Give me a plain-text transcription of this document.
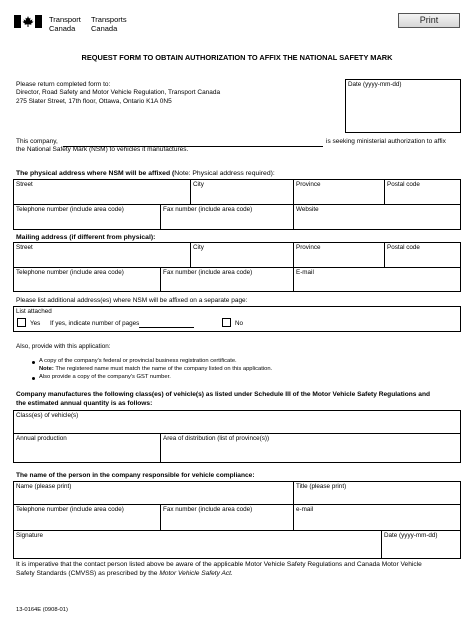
Transport
Canada
Transports
Canada
Print
REQUEST FORM TO OBTAIN AUTHORIZATION TO AFFIX THE NATIONAL SAFETY MARK
Please return completed form to:
Director, Road Safety and Motor Vehicle Regulation, Transport Canada
275 Slater Street, 17th floor, Ottawa, Ontario K1A 0N5
Date (yyyy-mm-dd)
This company,	is seeking ministerial authorization to affix
the National Safety Mark (NSM) to vehicles it manufactures.
The physical address where NSM will be affixed (Note: Physical address required):
Street	City	Province	Postal code
Telephone number (include area code)	Fax number (include area code)	Website
Mailing address (if different from physical):
Street	City	Province	Postal code
Telephone number (include area code)	Fax number (include area code)	E-mail
Please list additional address(es) where NSM will be affixed on a separate page:
List attached
Yes	If yes, indicate number of pages	No
Also, provide with this application:
A copy of the company's federal or provincial business registration certificate.
Note: The registered name must match the name of the company listed on this application.
Also provide a copy of the company's GST number.
Company manufactures the following class(es) of vehicle(s) as listed under Schedule III of the Motor Vehicle Safety Regulations and
the estimated annual quantity is as follows:
Class(es) of vehicle(s)
Annual production	Area of distribution (list of province(s))
The name of the person in the company responsible for vehicle compliance:
Name (please print)	Title (please print)
Telephone number (include area code)	Fax number (include area code)	e-mail
Signature	Date (yyyy-mm-dd)
It is imperative that the contact person listed above be aware of the applicable Motor Vehicle Safety Regulations and Canada Motor Vehicle
Safety Standards (CMVSS) as prescribed by the Motor Vehicle Safety Act.
13-0164E (0908-01)
